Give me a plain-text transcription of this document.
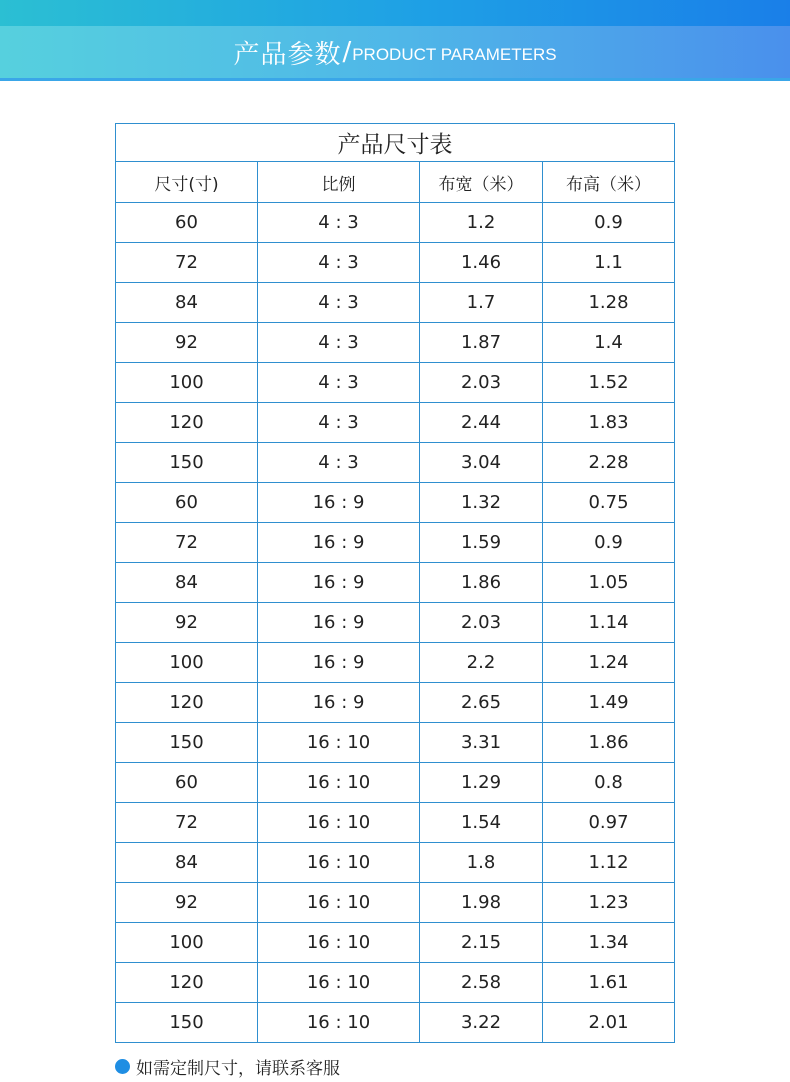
产品参数 / PRODUCT PARAMETERS
产品尺寸表			
尺寸(寸)	比例	布宽（米）	布高（米）
60	4 : 3	1.2	0.9
72	4 : 3	1.46	1.1
84	4 : 3	1.7	1.28
92	4 : 3	1.87	1.4
100	4 : 3	2.03	1.52
120	4 : 3	2.44	1.83
150	4 : 3	3.04	2.28
60	16 : 9	1.32	0.75
72	16 : 9	1.59	0.9
84	16 : 9	1.86	1.05
92	16 : 9	2.03	1.14
100	16 : 9	2.2	1.24
120	16 : 9	2.65	1.49
150	16 : 10	3.31	1.86
60	16 : 10	1.29	0.8
72	16 : 10	1.54	0.97
84	16 : 10	1.8	1.12
92	16 : 10	1.98	1.23
100	16 : 10	2.15	1.34
120	16 : 10	2.58	1.61
150	16 : 10	3.22	2.01
如需定制尺寸，请联系客服
